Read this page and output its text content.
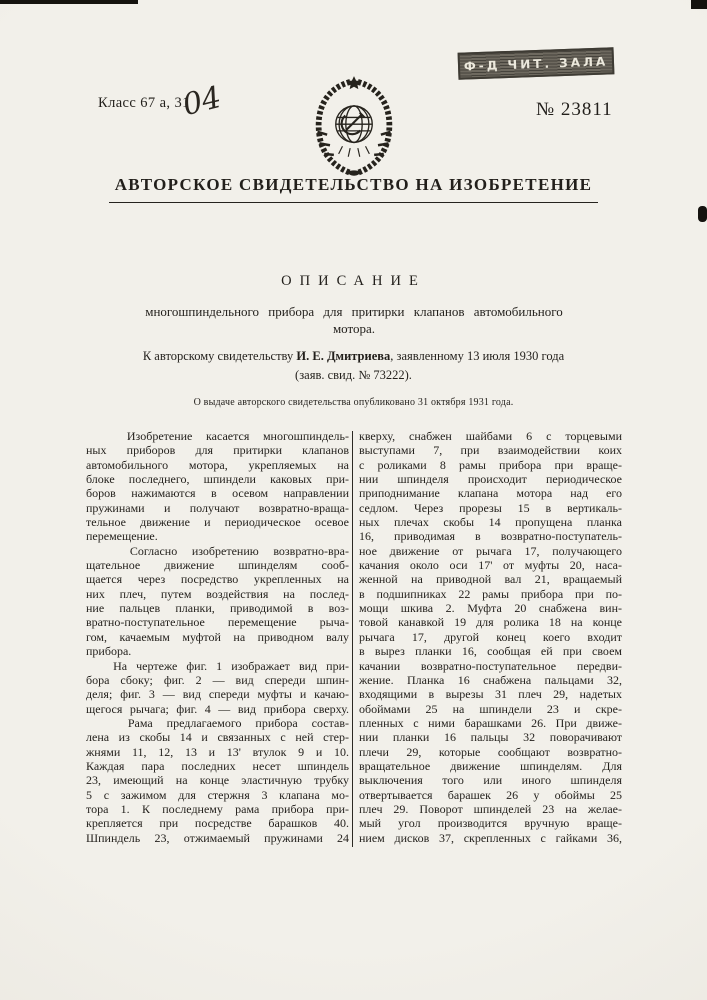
Ф-Д ЧИТ. ЗАЛА
Класс 67 a, 31
04	№ 23811
АВТОРСКОЕ СВИДЕТЕЛЬСТВО НА ИЗОБРЕТЕНИЕ
ОПИСАНИЕ
многошпиндельного прибора для притирки клапанов автомобильного
мотора.
К авторскому свидетельству И. Е. Дмитриева, заявленному 13 июля 1930 года
(заяв. свид. № 73222).
О выдаче авторского свидетельства опубликовано 31 октября 1931 года.
Изобретение касается многошпиндель-
ных приборов для притирки клапанов
автомобильного мотора, укрепляемых на
блоке последнего, шпиндели каковых при-
боров нажимаются в осевом направлении
пружинами и получают возвратно-враща-
тельное движение и периодическое осевое
перемещение.
Согласно изобретению возвратно-вра-
щательное движение шпинделям сооб-
щается через посредство укрепленных на
них плеч, путем воздействия на послед-
ние пальцев планки, приводимой в воз-
вратно-поступательное перемещение рыча-
гом, качаемым муфтой на приводном валу
прибора.
На чертеже фиг. 1 изображает вид при-
бора сбоку; фиг. 2 — вид спереди шпин-
деля; фиг. 3 — вид спереди муфты и качаю-
щегося рычага; фиг. 4 — вид прибора сверху.
Рама предлагаемого прибора состав-
лена из скобы 14 и связанных с ней стер-
жнями 11, 12, 13 и 13' втулок 9 и 10.
Каждая пара последних несет шпиндель
23, имеющий на конце эластичную трубку
5 с зажимом для стержня 3 клапана мо-
тора 1. К последнему рама прибора при-
крепляется при посредстве барашков 40.
Шпиндель 23, отжимаемый пружинами 24
кверху, снабжен шайбами 6 с торцевыми
выступами 7, при взаимодействии коих
с роликами 8 рамы прибора при враще-
нии шпинделя происходит периодическое
приподнимание клапана мотора над его
седлом. Через прорезы 15 в вертикаль-
ных плечах скобы 14 пропущена планка
16, приводимая в возвратно-поступатель-
ное движение от рычага 17, получающего
качания около оси 17' от муфты 20, наса-
женной на приводной вал 21, вращаемый
в подшипниках 22 рамы прибора при по-
мощи шкива 2. Муфта 20 снабжена вин-
товой канавкой 19 для ролика 18 на конце
рычага 17, другой конец коего входит
в вырез планки 16, сообщая ей при своем
качании возвратно-поступательное передви-
жение. Планка 16 снабжена пальцами 32,
входящими в вырезы 31 плеч 29, надетых
обоймами 25 на шпиндели 23 и скре-
пленных с ними барашками 26. При движе-
нии планки 16 пальцы 32 поворачивают
плечи 29, которые сообщают возвратно-
вращательное движение шпинделям. Для
выключения того или иного шпинделя
отвертывается барашек 26 у обоймы 25
плеч 29. Поворот шпинделей 23 на желае-
мый угол производится вручную враще-
нием дисков 37, скрепленных с гайками 36,
